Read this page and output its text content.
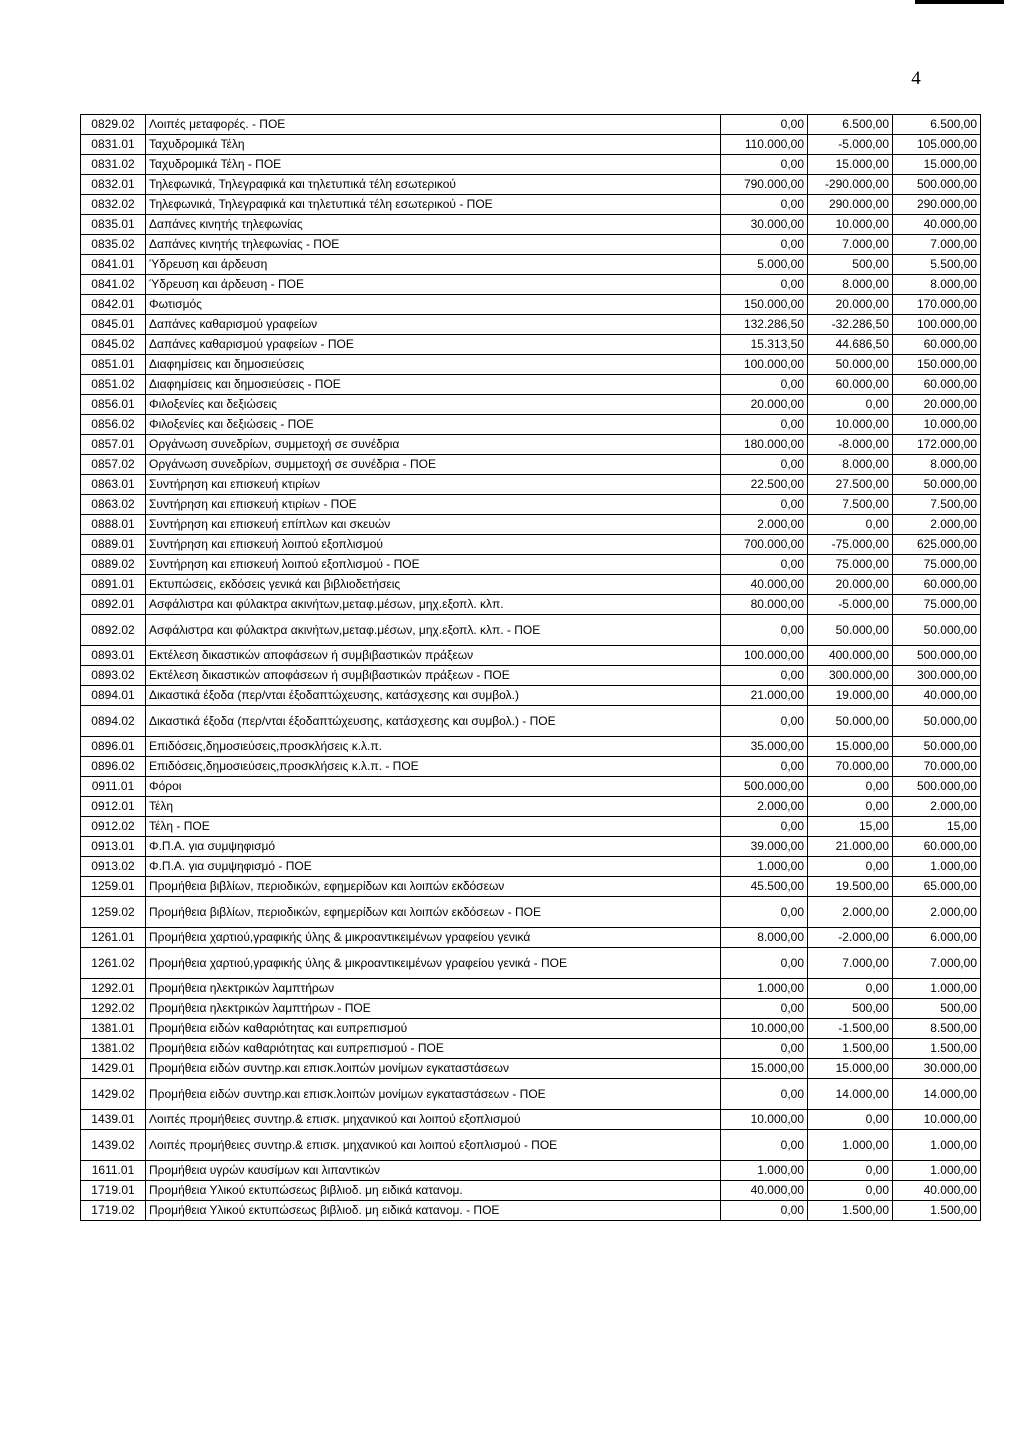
4
0829.02	Λοιπές μεταφορές. - ΠΟΕ	0,00	6.500,00	6.500,00
0831.01	Ταχυδρομικά Τέλη	110.000,00	-5.000,00	105.000,00
0831.02	Ταχυδρομικά Τέλη - ΠΟΕ	0,00	15.000,00	15.000,00
0832.01	Τηλεφωνικά, Τηλεγραφικά και τηλετυπικά τέλη εσωτερικού	790.000,00	-290.000,00	500.000,00
0832.02	Τηλεφωνικά, Τηλεγραφικά και τηλετυπικά τέλη εσωτερικού - ΠΟΕ	0,00	290.000,00	290.000,00
0835.01	Δαπάνες κινητής τηλεφωνίας	30.000,00	10.000,00	40.000,00
0835.02	Δαπάνες κινητής τηλεφωνίας - ΠΟΕ	0,00	7.000,00	7.000,00
0841.01	Ύδρευση και άρδευση	5.000,00	500,00	5.500,00
0841.02	Ύδρευση και άρδευση - ΠΟΕ	0,00	8.000,00	8.000,00
0842.01	Φωτισμός	150.000,00	20.000,00	170.000,00
0845.01	Δαπάνες καθαρισμού γραφείων	132.286,50	-32.286,50	100.000,00
0845.02	Δαπάνες καθαρισμού γραφείων - ΠΟΕ	15.313,50	44.686,50	60.000,00
0851.01	Διαφημίσεις και δημοσιεύσεις	100.000,00	50.000,00	150.000,00
0851.02	Διαφημίσεις και δημοσιεύσεις - ΠΟΕ	0,00	60.000,00	60.000,00
0856.01	Φιλοξενίες και δεξιώσεις	20.000,00	0,00	20.000,00
0856.02	Φιλοξενίες και δεξιώσεις - ΠΟΕ	0,00	10.000,00	10.000,00
0857.01	Οργάνωση συνεδρίων, συμμετοχή σε συνέδρια	180.000,00	-8.000,00	172.000,00
0857.02	Οργάνωση συνεδρίων, συμμετοχή σε συνέδρια - ΠΟΕ	0,00	8.000,00	8.000,00
0863.01	Συντήρηση και επισκευή κτιρίων	22.500,00	27.500,00	50.000,00
0863.02	Συντήρηση και επισκευή κτιρίων - ΠΟΕ	0,00	7.500,00	7.500,00
0888.01	Συντήρηση και επισκευή επίπλων και σκευών	2.000,00	0,00	2.000,00
0889.01	Συντήρηση και επισκευή λοιπού εξοπλισμού	700.000,00	-75.000,00	625.000,00
0889.02	Συντήρηση και επισκευή λοιπού εξοπλισμού - ΠΟΕ	0,00	75.000,00	75.000,00
0891.01	Εκτυπώσεις, εκδόσεις γενικά και βιβλιοδετήσεις	40.000,00	20.000,00	60.000,00
0892.01	Ασφάλιστρα και φύλακτρα ακινήτων,μεταφ.μέσων, μηχ.εξοπλ. κλπ.	80.000,00	-5.000,00	75.000,00
0892.02	Ασφάλιστρα και φύλακτρα ακινήτων,μεταφ.μέσων, μηχ.εξοπλ. κλπ. - ΠΟΕ	0,00	50.000,00	50.000,00
0893.01	Εκτέλεση δικαστικών αποφάσεων ή συμβιβαστικών πράξεων	100.000,00	400.000,00	500.000,00
0893.02	Εκτέλεση δικαστικών αποφάσεων ή συμβιβαστικών πράξεων - ΠΟΕ	0,00	300.000,00	300.000,00
0894.01	Δικαστικά έξοδα (περ/νται έξοδαπτώχευσης, κατάσχεσης και συμβολ.)	21.000,00	19.000,00	40.000,00
0894.02	Δικαστικά έξοδα (περ/νται έξοδαπτώχευσης, κατάσχεσης και συμβολ.) - ΠΟΕ	0,00	50.000,00	50.000,00
0896.01	Επιδόσεις,δημοσιεύσεις,προσκλήσεις κ.λ.π.	35.000,00	15.000,00	50.000,00
0896.02	Επιδόσεις,δημοσιεύσεις,προσκλήσεις κ.λ.π. - ΠΟΕ	0,00	70.000,00	70.000,00
0911.01	Φόροι	500.000,00	0,00	500.000,00
0912.01	Τέλη	2.000,00	0,00	2.000,00
0912.02	Τέλη - ΠΟΕ	0,00	15,00	15,00
0913.01	Φ.Π.Α. για συμψηφισμό	39.000,00	21.000,00	60.000,00
0913.02	Φ.Π.Α. για συμψηφισμό - ΠΟΕ	1.000,00	0,00	1.000,00
1259.01	Προμήθεια βιβλίων, περιοδικών, εφημερίδων και λοιπών εκδόσεων	45.500,00	19.500,00	65.000,00
1259.02	Προμήθεια βιβλίων, περιοδικών, εφημερίδων και λοιπών εκδόσεων - ΠΟΕ	0,00	2.000,00	2.000,00
1261.01	Προμήθεια χαρτιού,γραφικής ύλης & μικροαντικειμένων γραφείου γενικά	8.000,00	-2.000,00	6.000,00
1261.02	Προμήθεια χαρτιού,γραφικής ύλης & μικροαντικειμένων γραφείου γενικά - ΠΟΕ	0,00	7.000,00	7.000,00
1292.01	Προμήθεια ηλεκτρικών λαμπτήρων	1.000,00	0,00	1.000,00
1292.02	Προμήθεια ηλεκτρικών λαμπτήρων - ΠΟΕ	0,00	500,00	500,00
1381.01	Προμήθεια ειδών καθαριότητας και ευπρεπισμού	10.000,00	-1.500,00	8.500,00
1381.02	Προμήθεια ειδών καθαριότητας και ευπρεπισμού - ΠΟΕ	0,00	1.500,00	1.500,00
1429.01	Προμήθεια ειδών συντηρ.και επισκ.λοιπών μονίμων εγκαταστάσεων	15.000,00	15.000,00	30.000,00
1429.02	Προμήθεια ειδών συντηρ.και επισκ.λοιπών μονίμων εγκαταστάσεων - ΠΟΕ	0,00	14.000,00	14.000,00
1439.01	Λοιπές προμήθειες συντηρ.& επισκ. μηχανικού και λοιπού εξοπλισμού	10.000,00	0,00	10.000,00
1439.02	Λοιπές προμήθειες συντηρ.& επισκ. μηχανικού και λοιπού εξοπλισμού - ΠΟΕ	0,00	1.000,00	1.000,00
1611.01	Προμήθεια υγρών καυσίμων και λιπαντικών	1.000,00	0,00	1.000,00
1719.01	Προμήθεια Υλικού εκτυπώσεως βιβλιοδ. μη ειδικά κατανομ.	40.000,00	0,00	40.000,00
1719.02	Προμήθεια Υλικού εκτυπώσεως βιβλιοδ. μη ειδικά κατανομ. - ΠΟΕ	0,00	1.500,00	1.500,00
